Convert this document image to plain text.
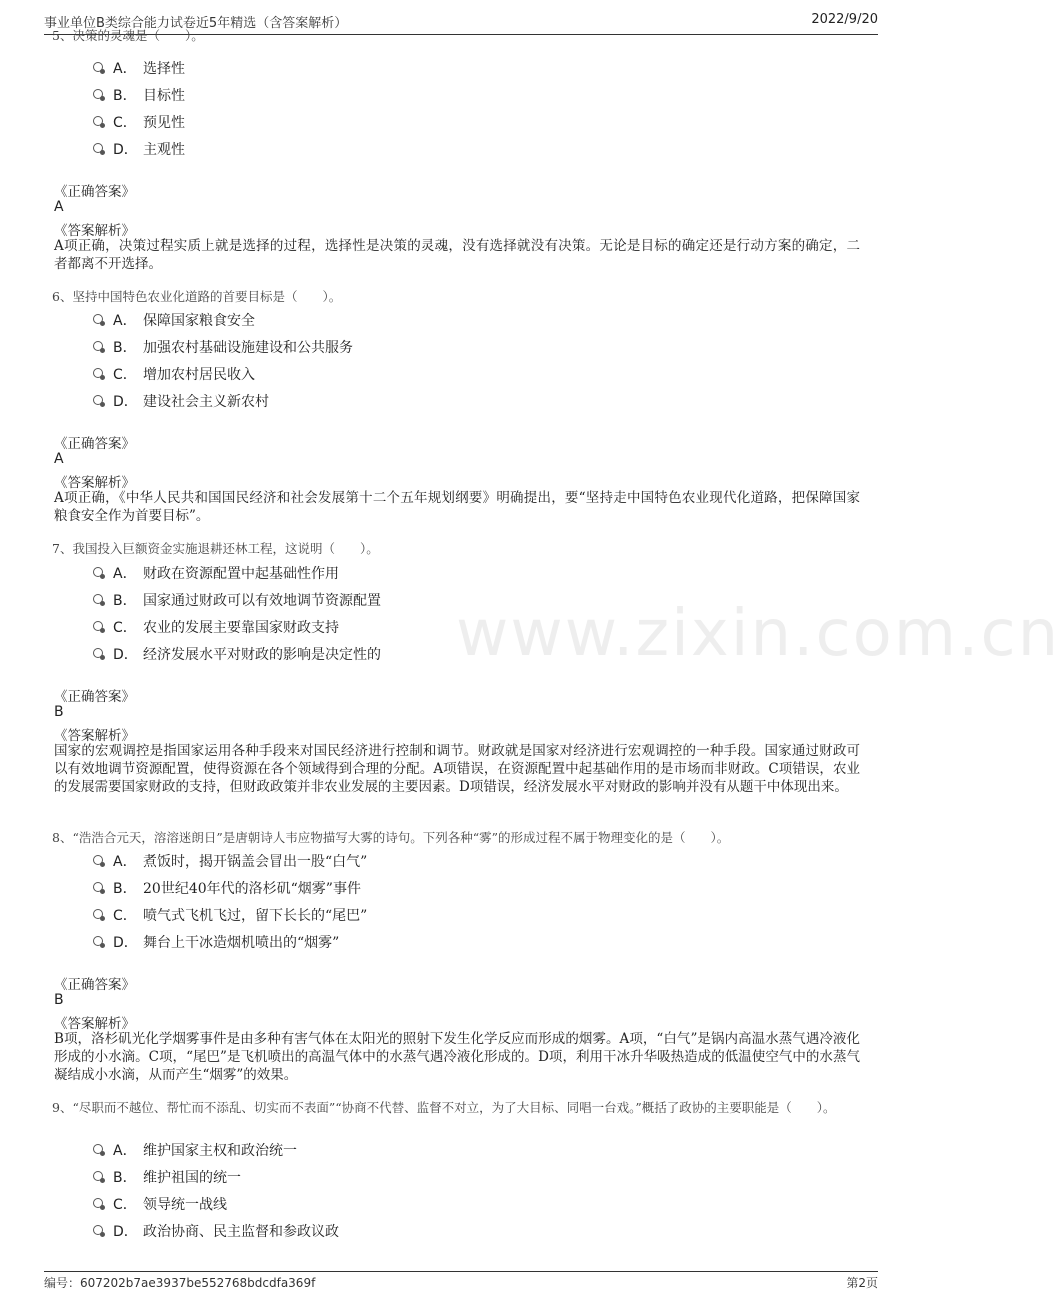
事业单位B类综合能力试卷近5年精选（含答案解析）	2022/9/20
www.zixin.com.cn
5、决策的灵魂是（　　）。
A． 选择性
B． 目标性
C． 预见性
D． 主观性
《正确答案》
A
《答案解析》
A项正确，决策过程实质上就是选择的过程，选择性是决策的灵魂，没有选择就没有决策。无论是目标的确定还是行动方案的确定，二者都离不开选择。
6、坚持中国特色农业化道路的首要目标是（　　）。
A． 保障国家粮食安全
B． 加强农村基础设施建设和公共服务
C． 增加农村居民收入
D． 建设社会主义新农村
《正确答案》
A
《答案解析》
A项正确，《中华人民共和国国民经济和社会发展第十二个五年规划纲要》明确提出，要“坚持走中国特色农业现代化道路，把保障国家粮食安全作为首要目标”。
7、我国投入巨额资金实施退耕还林工程，这说明（　　）。
A． 财政在资源配置中起基础性作用
B． 国家通过财政可以有效地调节资源配置
C． 农业的发展主要靠国家财政支持
D． 经济发展水平对财政的影响是决定性的
《正确答案》
B
《答案解析》
国家的宏观调控是指国家运用各种手段来对国民经济进行控制和调节。财政就是国家对经济进行宏观调控的一种手段。国家通过财政可以有效地调节资源配置，使得资源在各个领域得到合理的分配。A项错误，在资源配置中起基础作用的是市场而非财政。C项错误，农业的发展需要国家财政的支持，但财政政策并非农业发展的主要因素。D项错误，经济发展水平对财政的影响并没有从题干中体现出来。
8、“浩浩合元天，溶溶迷朗日”是唐朝诗人韦应物描写大雾的诗句。下列各种“雾”的形成过程不属于物理变化的是（　　）。
A． 煮饭时，揭开锅盖会冒出一股“白气”
B． 20世纪40年代的洛杉矶“烟雾”事件
C． 喷气式飞机飞过，留下长长的“尾巴”
D． 舞台上干冰造烟机喷出的“烟雾”
《正确答案》
B
《答案解析》
B项，洛杉矶光化学烟雾事件是由多种有害气体在太阳光的照射下发生化学反应而形成的烟雾。A项，“白气”是锅内高温水蒸气遇冷液化形成的小水滴。C项，“尾巴”是飞机喷出的高温气体中的水蒸气遇冷液化形成的。D项，利用干冰升华吸热造成的低温使空气中的水蒸气凝结成小水滴，从而产生“烟雾”的效果。
9、“尽职而不越位、帮忙而不添乱、切实而不表面”“协商不代替、监督不对立，为了大目标、同唱一台戏。”概括了政协的主要职能是（　　）。
A． 维护国家主权和政治统一
B． 维护祖国的统一
C． 领导统一战线
D． 政治协商、民主监督和参政议政
编号：607202b7ae3937be552768bdcdfa369f	第2页
